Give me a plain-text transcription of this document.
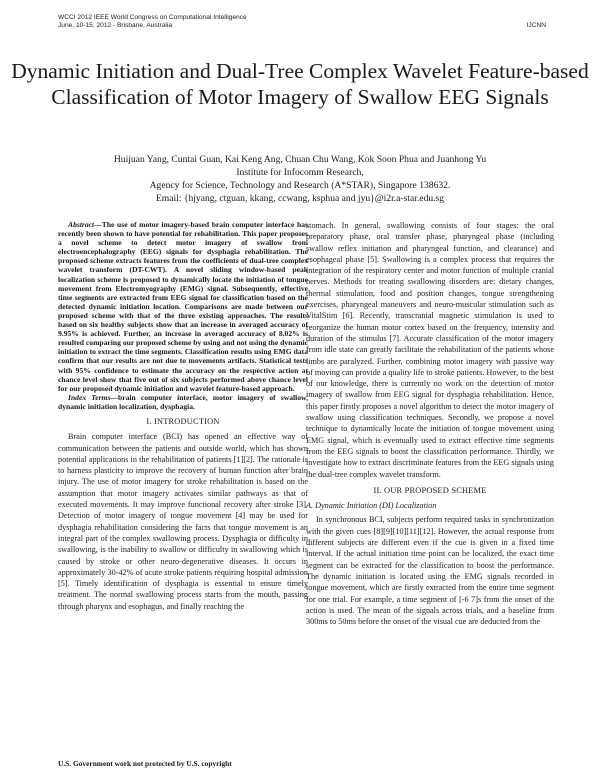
WCCI 2012 IEEE World Congress on Computational Intelligence
June, 10-15, 2012 - Brisbane, Australia	IJCNN
Dynamic Initiation and Dual-Tree Complex Wavelet Feature-based Classification of Motor Imagery of Swallow EEG Signals
Huijuan Yang, Cuntai Guan, Kai Keng Ang, Chuan Chu Wang, Kok Soon Phua and Juanhong Yu
Institute for Infocomm Research,
Agency for Science, Technology and Research (A*STAR), Singapore 138632.
Email: {hjyang, ctguan, kkang, ccwang, ksphua and jyu}@i2r.a-star.edu.sg

Abstract—The use of motor imagery-based brain computer interface has recently been shown to have potential for rehabilitation. This paper proposes a novel scheme to detect motor imagery of swallow from electroencephalography (EEG) signals for dysphagia rehabilitation. The proposed scheme extracts features from the coefficients of dual-tree complex wavelet transform (DT-CWT). A novel sliding window-based peak localization scheme is proposed to dynamically locate the initiation of tongue movement from Electromyography (EMG) signal. Subsequently, effective time segments are extracted from EEG signal for classification based on the detected dynamic initiation location. Comparisons are made between our proposed scheme with that of the three existing approaches. The results based on six healthy subjects show that an increase in averaged accuracy of 9.95% is achieved. Further, an increase in averaged accuracy of 8.02% is resulted comparing our proposed scheme by using and not using the dynamic initiation to extract the time segments. Classification results using EMG data confirm that our results are not due to movements artifacts. Statistical tests with 95% confidence to estimate the accuracy on the respective action at chance level show that five out of six subjects performed above chance level for our proposed dynamic initiation and wavelet feature-based approach.

Index Terms—brain computer interface, motor imagery of swallow, dynamic initiation localization, dysphagia.

I. INTRODUCTION

Brain computer interface (BCI) has opened an effective way of communication between the patients and outside world, which has shown potential applications in the rehabilitation of patients [1][2]. The rationale is to harness plasticity to improve the recovery of human function after brain injury. The use of motor imagery for stroke rehabilitation is based on the assumption that motor imagery activates similar pathways as that of executed movements. It may improve functional recovery after stroke [3]. Detection of motor imagery of tongue movement [4] may be used for dysphagia rehabilitation considering the facts that tongue movement is an integral part of the complex swallowing process. Dysphagia or difficulty in swallowing, is the inability to swallow or difficulty in swallowing which is caused by stroke or other neuro-degenerative diseases. It occurs in approximately 30-42% of acute stroke patients requiring hospital admission [5]. Timely identification of dysphagia is essential to ensure timely treatment. The normal swallowing process starts from the mouth, passing through pharynx and esophagus, and finally reaching the

stomach. In general, swallowing consists of four stages: the oral preparatory phase, oral transfer phase, pharyngeal phase (including swallow reflex initiation and pharyngeal function, and clearance) and esophageal phase [5]. Swallowing is a complex process that requires the integration of the respiratory center and motor function of multiple cranial nerves. Methods for treating swallowing disorders are: dietary changes, thermal stimulation, food and position changes, tongue strengthening exercises, pharyngeal maneuvers and neuro-muscular stimulation such as VitalStim [6]. Recently, transcranial magnetic stimulation is used to reorganize the human motor cortex based on the frequency, intensity and duration of the stimulus [7]. Accurate classification of the motor imagery from idle state can greatly facilitate the rehabilitation of the patients whose limbs are paralyzed. Further, combining motor imagery with passive way of moving can provide a quality life to stroke patients. However, to the best of our knowledge, there is currently no work on the detection of motor imagery of swallow from EEG signal for dysphagia rehabilitation. Hence, this paper firstly proposes a novel algorithm to detect the motor imagery of swallow using classification techniques. Secondly, we propose a novel technique to dynamically locate the initiation of tongue movement using EMG signal, which is eventually used to extract effective time segments from the EEG signals to boost the classification performance. Thirdly, we investigate how to extract discriminate features from the EEG signals using the dual-tree complex wavelet transform.

II. OUR PROPOSED SCHEME

A. Dynamic Initiation (DI) Localization

In synchronous BCI, subjects perform required tasks in synchronization with the given cues [8][9][10][11][12]. However, the actual response from different subjects are different even if the cue is given in a fixed time interval. If the actual initiation time point can be localized, the exact time segment can be extracted for the classification to boost the performance. The dynamic initiation is located using the EMG signals recorded in tongue movement, which are firstly extracted from the entire time segment for one trial. For example, a time segment of [-6 7]s from the onset of the action is used. The mean of the signals across trials, and a baseline from 300ms to 50ms before the onset of the visual cue are deducted from the

U.S. Government work not protected by U.S. copyright
